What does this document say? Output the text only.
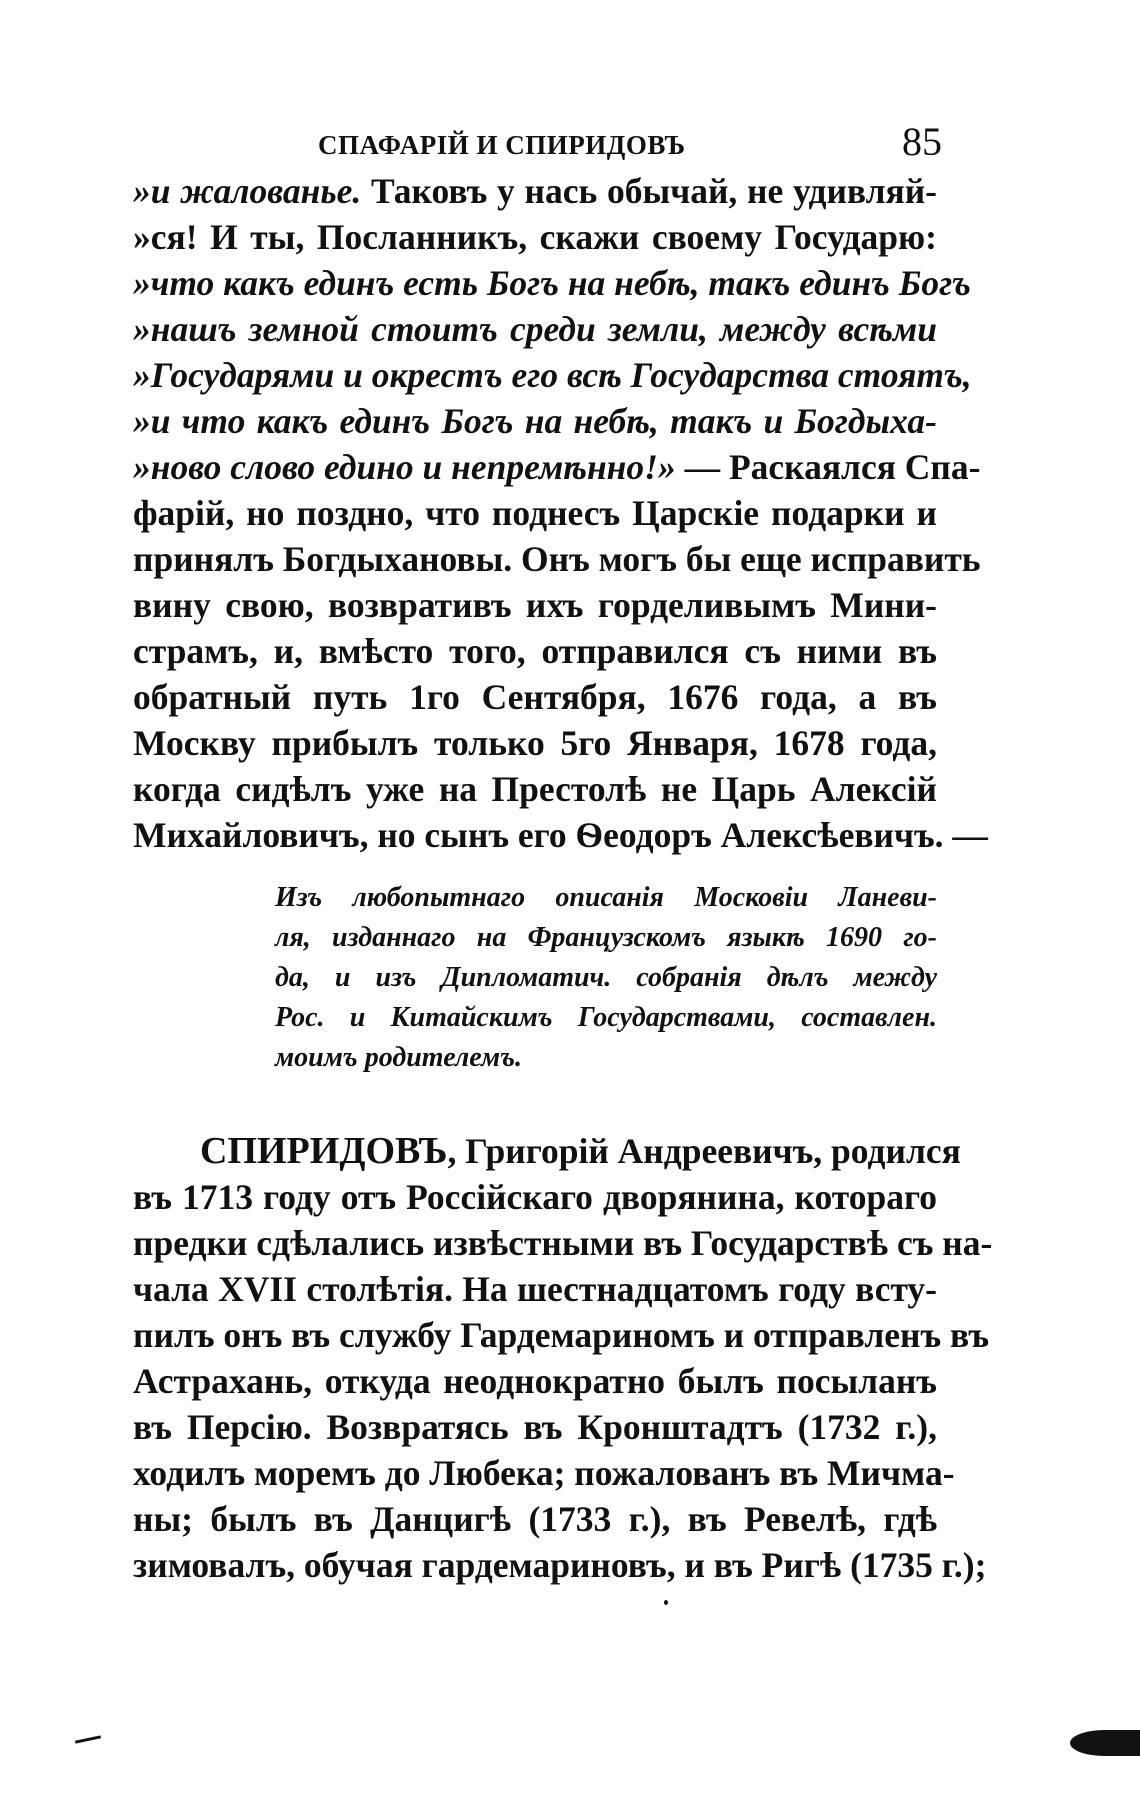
СПАФАРІЙ И СПИРИДОВЪ	85
»и жалованье. Таковъ у нась обычай, не удивляй-
»ся! И ты, Посланникъ, скажи своему Государю:
»что какъ единъ есть Богъ на небѣ, такъ единъ Богъ
»нашъ земной стоитъ среди земли, между всѣми
»Государями и окрестъ его всѣ Государства стоятъ,
»и что какъ единъ Богъ на небѣ, такъ и Богдыха-
»ново слово едино и непремѣнно!» — Раскаялся Спа-
фарій, но поздно, что поднесъ Царскіе подарки и
принялъ Богдыхановы. Онъ могъ бы еще исправить
вину свою, возвративъ ихъ горделивымъ Мини-
страмъ, и, вмѣсто того, отправился съ ними въ
обратный путь 1го Сентября, 1676 года, а въ
Москву прибылъ только 5го Января, 1678 года,
когда сидѣлъ уже на Престолѣ не Царь Алексій
Михайловичъ, но сынъ его Ѳеодоръ Алексѣевичъ. —
Изъ любопытнаго описанія Московіи Ланеви-
ля, изданнаго на Французскомъ языкѣ 1690 го-
да, и изъ Дипломатич. собранія дѣлъ между
Рос. и Китайскимъ Государствами, составлен.
моимъ родителемъ.
СПИРИДОВЪ, Григорій Андреевичъ, родился
въ 1713 году отъ Россійскаго дворянина, котораго
предки сдѣлались извѣстными въ Государствѣ съ на-
чала XVII столѣтія. На шестнадцатомъ году всту-
пилъ онъ въ службу Гардемариномъ и отправленъ въ
Астрахань, откуда неоднократно былъ посыланъ
въ Персію. Возвратясь въ Кронштадтъ (1732 г.),
ходилъ моремъ до Любека; пожалованъ въ Мичма-
ны; былъ въ Данцигѣ (1733 г.), въ Ревелѣ, гдѣ
зимовалъ, обучая гардемариновъ, и въ Ригѣ (1735 г.);
